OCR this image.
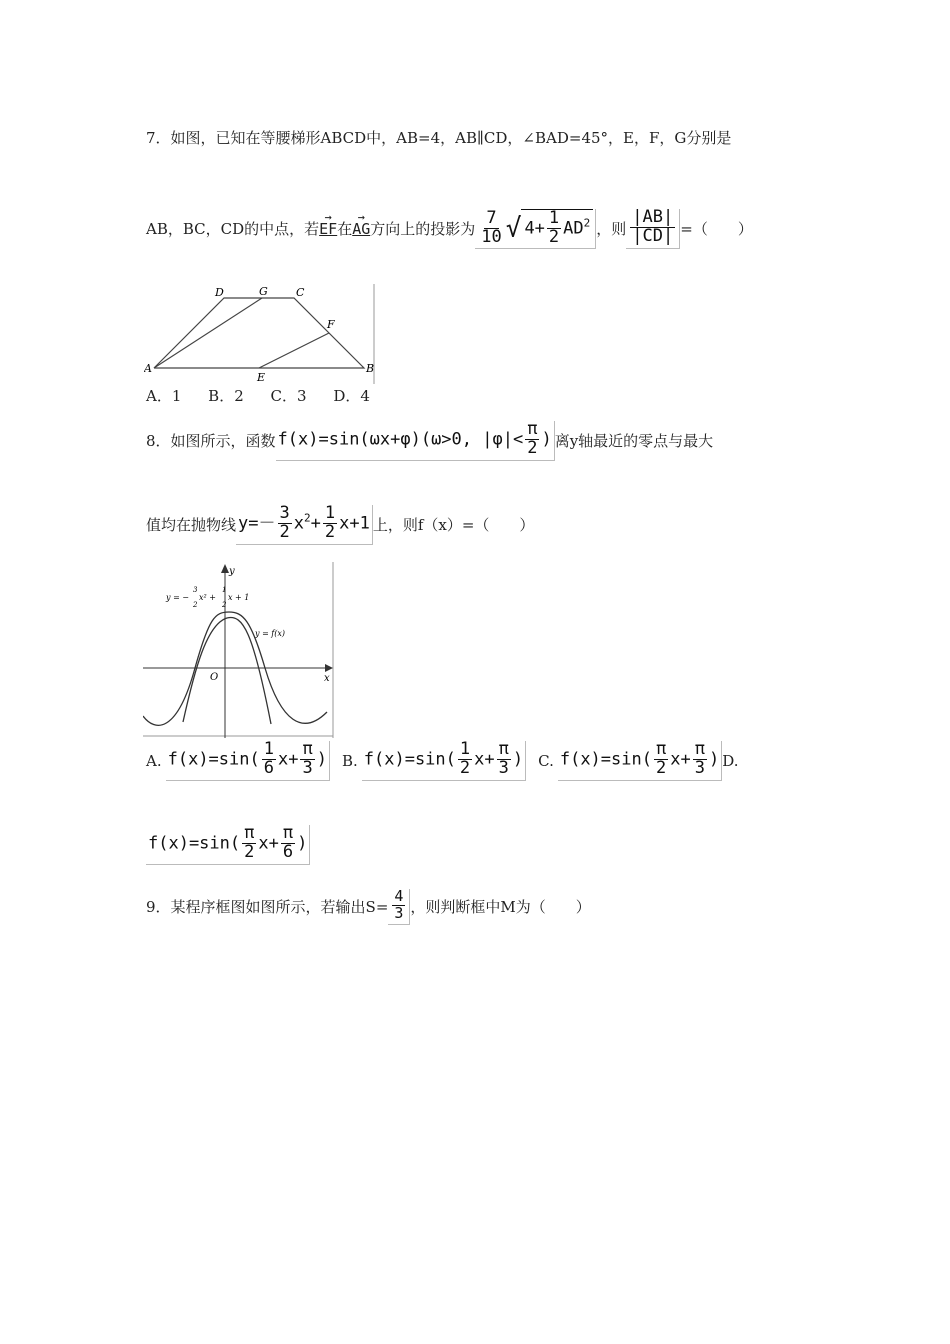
7．如图，已知在等腰梯形ABCD中，AB=4，AB∥CD，∠BAD=45°，E，F，G分别是
AB，BC，CD的中点，若 → EF 在 → AG 方向上的投影为 $\frac{7}{10}$ √ $4+ \frac{1}{2} AD^2$ ，则 $\frac{|AB|}{|CD|}$ =（　　）
A	B
C
D
E
F
G
A．1 B．2 C．3 D．4
8．如图所示，函数 f(x)=sin(ωx+φ)(ω>0, $|\varphi|< \frac{\pi}{2}$ ) 离y轴最近的零点与最大
值均在抛物线 $y=- \frac{3}{2} x^2+ \frac{1}{2} x+1$ 上，则f（x）=（　　）
y
x
O
y = −
3
2
x² +
1
2
x + 1
y = f(x)
A. $f(x)=\sin( \frac{1}{6} x+ \frac{\pi}{3}$ ) B. $f(x)=\sin( \frac{1}{2} x+ \frac{\pi}{3}$ ) C. $f(x)=\sin( \frac{\pi}{2} x+ \frac{\pi}{3}$ ) D.
$f(x)=\sin( \frac{\pi}{2} x+ \frac{\pi}{6}$ )
9．某程序框图如图所示，若输出$S= \frac{4}{3}$ ，则判断框中M为（　　）
